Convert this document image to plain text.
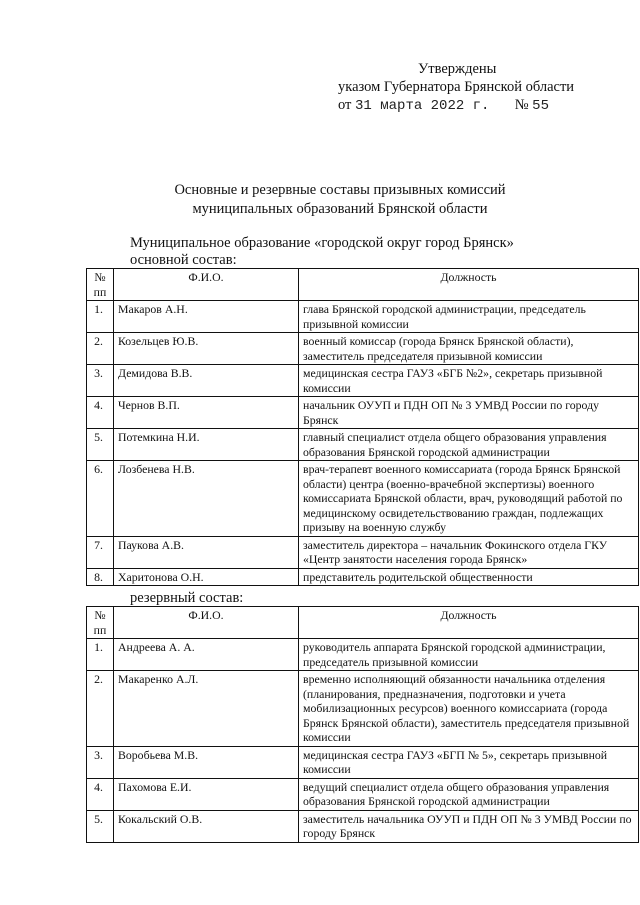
Утверждены
указом Губернатора Брянской области
от 31 марта 2022 г. № 55
Основные и резервные составы призывных комиссий
муниципальных образований Брянской области
Муниципальное образование «городской округ город Брянск»
основной состав:
№ пп	Ф.И.О.	Должность
1.	Макаров А.Н.	глава Брянской городской администрации, председатель призывной комиссии
2.	Козельцев Ю.В.	военный комиссар (города Брянск Брянской области), заместитель председателя призывной комиссии
3.	Демидова В.В.	медицинская сестра ГАУЗ «БГБ №2», секретарь призывной комиссии
4.	Чернов В.П.	начальник ОУУП и ПДН ОП № 3 УМВД России по городу Брянск
5.	Потемкина Н.И.	главный специалист отдела общего образования управления образования Брянской городской администрации
6.	Лозбенева Н.В.	врач-терапевт военного комиссариата (города Брянск Брянской области) центра (военно-врачебной экспертизы) военного комиссариата Брянской области, врач, руководящий работой по медицинскому освидетельствованию граждан, подлежащих призыву на военную службу
7.	Паукова А.В.	заместитель директора – начальник Фокинского отдела ГКУ «Центр занятости населения города Брянск»
8.	Харитонова О.Н.	представитель родительской общественности
резервный состав:
№ пп	Ф.И.О.	Должность
1.	Андреева А. А.	руководитель аппарата Брянской городской администрации, председатель призывной комиссии
2.	Макаренко А.Л.	временно исполняющий обязанности начальника отделения (планирования, предназначения, подготовки и учета мобилизационных ресурсов) военного комиссариата (города Брянск Брянской области), заместитель председателя призывной комиссии
3.	Воробьева М.В.	медицинская сестра ГАУЗ «БГП № 5», секретарь призывной комиссии
4.	Пахомова Е.И.	ведущий специалист отдела общего образования управления образования Брянской городской администрации
5.	Кокальский О.В.	заместитель начальника ОУУП и ПДН ОП № 3 УМВД России по городу Брянск
